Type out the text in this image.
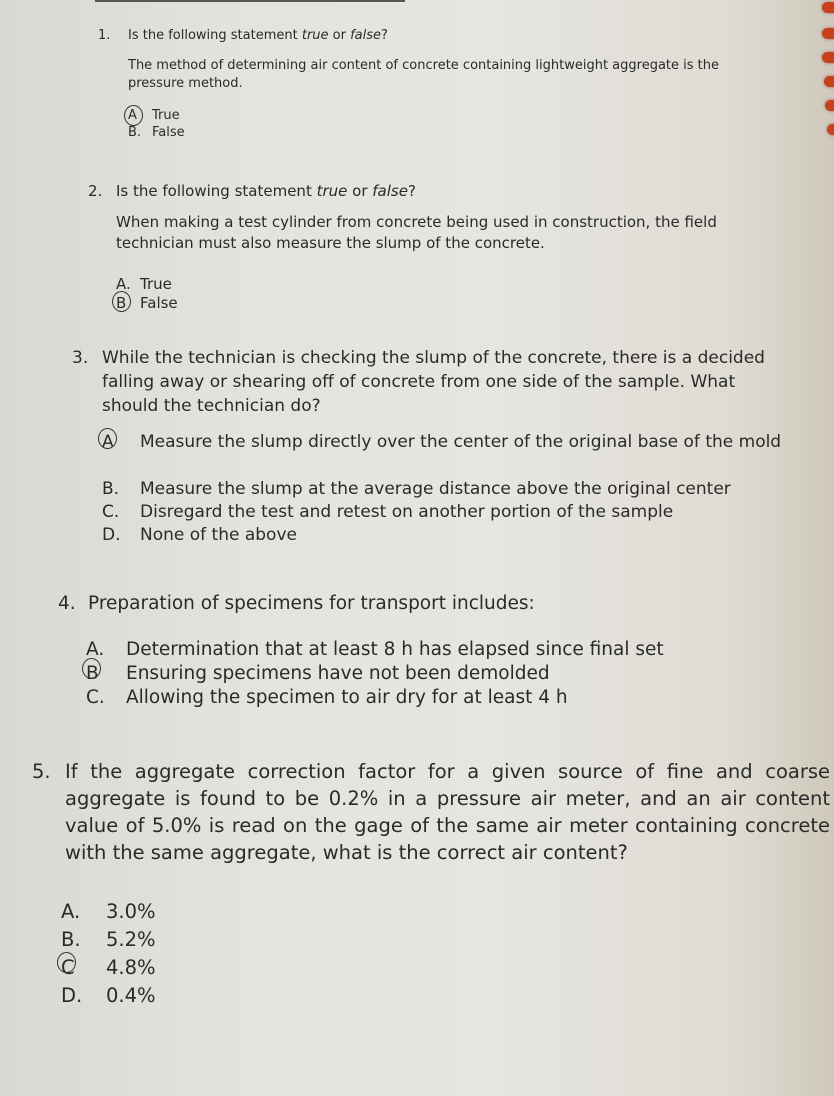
1. Is the following statement true or false?
The method of determining air content of concrete containing lightweight aggregate is the pressure method.
A True
B. False
2. Is the following statement true or false?
When making a test cylinder from concrete being used in construction, the field technician must also measure the slump of the concrete.
A. True
B False
3. While the technician is checking the slump of the concrete, there is a decided falling away or shearing off of concrete from one side of the sample. What should the technician do?
A Measure the slump directly over the center of the original base of the mold
B. Measure the slump at the average distance above the original center
C. Disregard the test and retest on another portion of the sample
D. None of the above
4. Preparation of specimens for transport includes:
A. Determination that at least 8 h has elapsed since final set
B Ensuring specimens have not been demolded
C. Allowing the specimen to air dry for at least 4 h
5. If the aggregate correction factor for a given source of fine and coarse aggregate is found to be 0.2% in a pressure air meter, and an air content value of 5.0% is read on the gage of the same air meter containing concrete with the same aggregate, what is the correct air content?
A. 3.0%
B. 5.2%
C 4.8%
D. 0.4%
